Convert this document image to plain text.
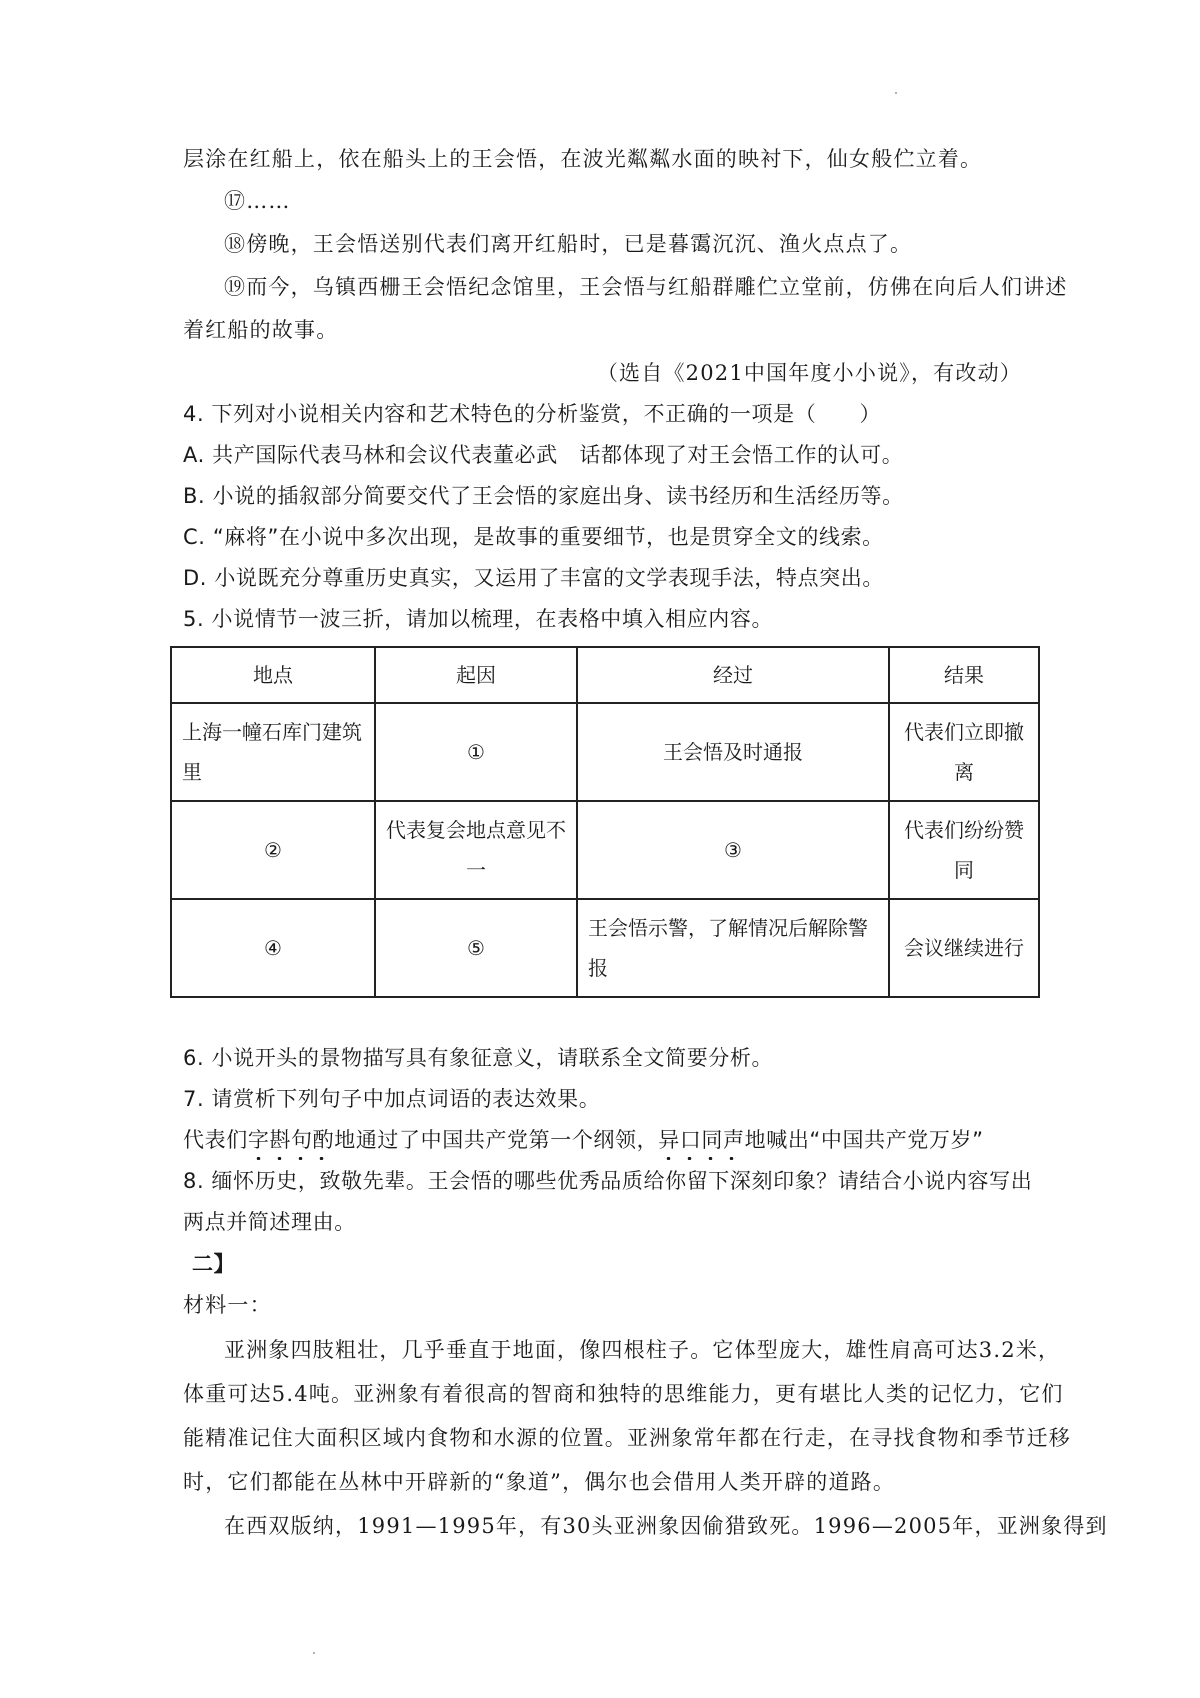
层涂在红船上，依在船头上的王会悟，在波光粼粼水面的映衬下，仙女般伫立着。
⑰……
⑱傍晚，王会悟送别代表们离开红船时，已是暮霭沉沉、渔火点点了。
⑲而今，乌镇西栅王会悟纪念馆里，王会悟与红船群雕伫立堂前，仿佛在向后人们讲述
着红船的故事。
（选自《2021中国年度小小说》，有改动）
4. 下列对小说相关内容和艺术特色的分析鉴赏，不正确的一项是（　　）
A. 共产国际代表马林和会议代表董必武　话都体现了对王会悟工作的认可。
B. 小说的插叙部分简要交代了王会悟的家庭出身、读书经历和生活经历等。
C. “麻将”在小说中多次出现，是故事的重要细节，也是贯穿全文的线索。
D. 小说既充分尊重历史真实，又运用了丰富的文学表现手法，特点突出。
5. 小说情节一波三折，请加以梳理，在表格中填入相应内容。
地点	起因	经过	结果
上海一幢石库门建筑里	①	王会悟及时通报	代表们立即撤离
②	代表复会地点意见不一	③	代表们纷纷赞同
④	⑤	王会悟示警，了解情况后解除警报	会议继续进行
6. 小说开头的景物描写具有象征意义，请联系全文简要分析。
7. 请赏析下列句子中加点词语的表达效果。
代表们字斟句酌
地通过了中国共产党第一个纲领，异口同声
地喊出“中国共产党万岁”
8. 缅怀历史，致敬先辈。王会悟的哪些优秀品质给你留下深刻印象？请结合小说内容写出
两点并简述理由。
二】
材料一：
亚洲象四肢粗壮，几乎垂直于地面，像四根柱子。它体型庞大，雄性肩高可达3.2米，
体重可达5.4吨。亚洲象有着很高的智商和独特的思维能力，更有堪比人类的记忆力，它们
能精准记住大面积区域内食物和水源的位置。亚洲象常年都在行走，在寻找食物和季节迁移
时，它们都能在丛林中开辟新的“象道”，偶尔也会借用人类开辟的道路。
在西双版纳，1991—1995年，有30头亚洲象因偷猎致死。1996—2005年，亚洲象得到
